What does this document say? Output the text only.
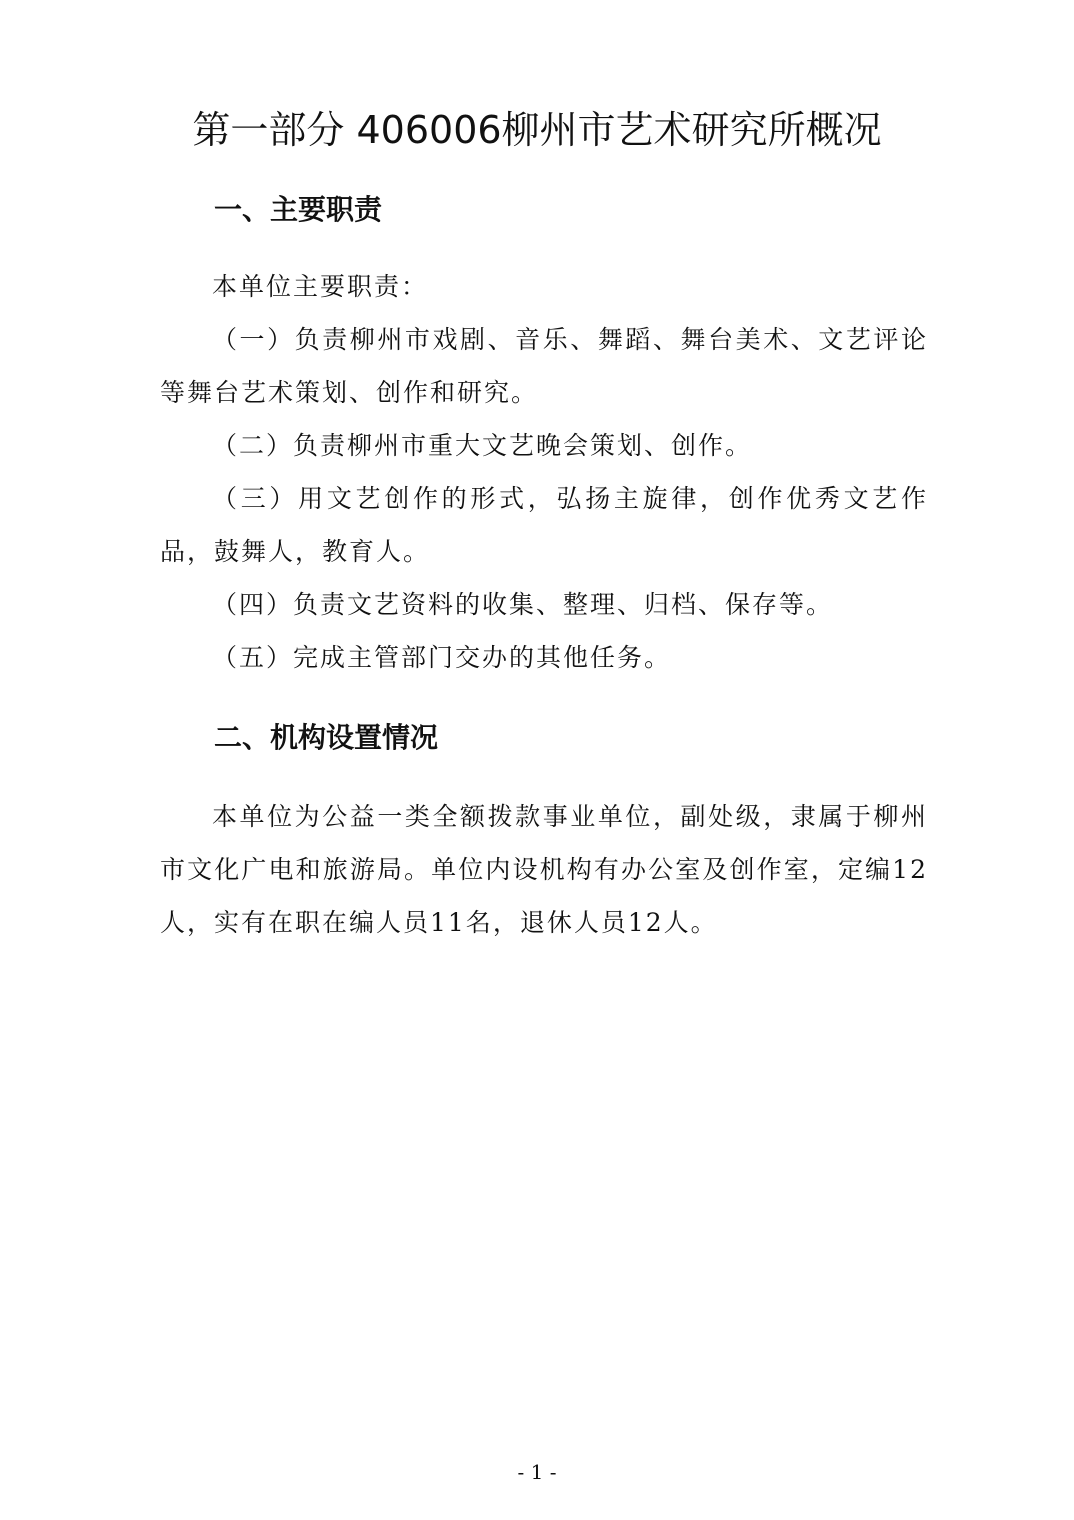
第一部分 406006柳州市艺术研究所概况
一、主要职责

本单位主要职责：

（一）负责柳州市戏剧、音乐、舞蹈、舞台美术、文艺评论等舞台艺术策划、创作和研究。

（二）负责柳州市重大文艺晚会策划、创作。

（三）用文艺创作的形式，弘扬主旋律，创作优秀文艺作品，鼓舞人，教育人。

（四）负责文艺资料的收集、整理、归档、保存等。

（五）完成主管部门交办的其他任务。

二、机构设置情况

本单位为公益一类全额拨款事业单位，副处级，隶属于柳州市文化广电和旅游局。单位内设机构有办公室及创作室，定编12人，实有在职在编人员11名，退休人员12人。

- 1 -
